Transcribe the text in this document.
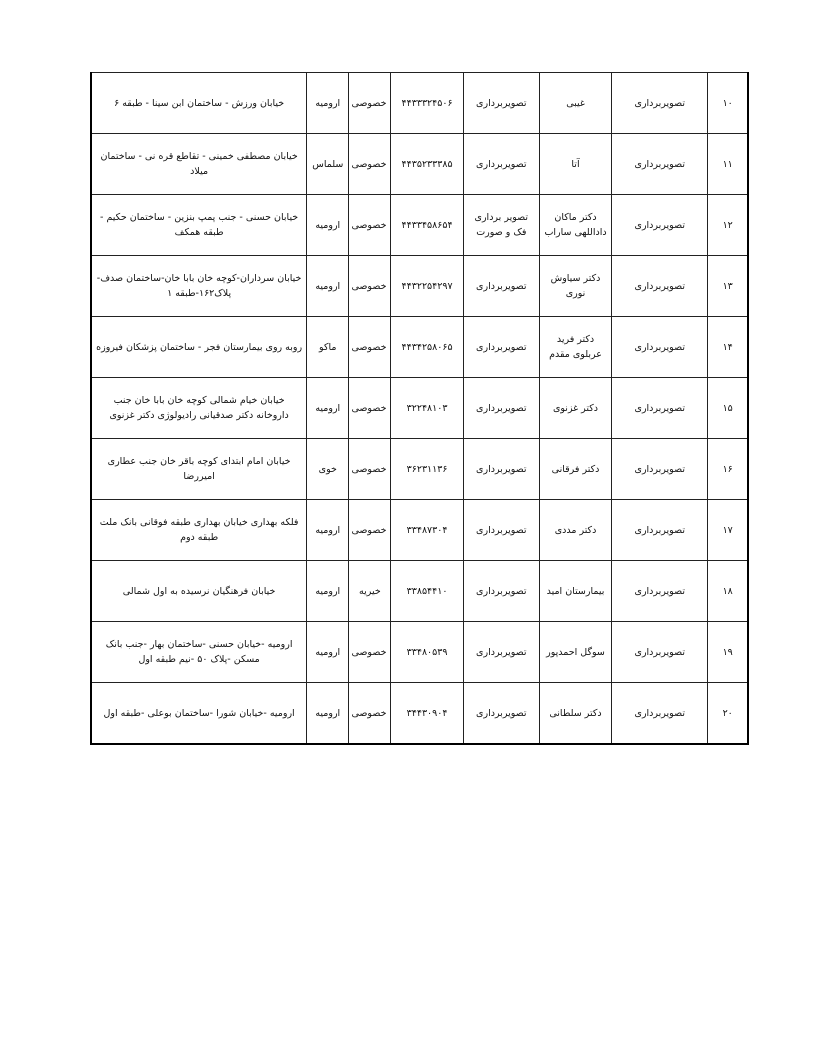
۱۰	تصویربرداری	غیبی	تصویربرداری	۴۴۳۳۳۲۴۵۰۶	خصوصی	ارومیه	خیابان ورزش - ساختمان ابن سینا - طبقه ۶
۱۱	تصویربرداری	آتا	تصویربرداری	۴۴۳۵۲۳۳۳۸۵	خصوصی	سلماس	خیابان مصطفی خمینی - تقاطع قره نی - ساختمان میلاد
۱۲	تصویربرداری	دکتر ماکان داداللهی ساراب	تصویر برداری فک و صورت	۴۴۳۳۴۵۸۶۵۴	خصوصی	ارومیه	خیابان حسنی - جنب پمپ بنزین - ساختمان حکیم - طبقه همکف
۱۳	تصویربرداری	دکتر سیاوش نوری	تصویربرداری	۴۴۳۲۲۵۴۲۹۷	خصوصی	ارومیه	خیابان سرداران-کوچه خان بابا خان-ساختمان صدف-پلاک۱۶۲-طبقه ۱
۱۴	تصویربرداری	دکتر فرید عربلوی مقدم	تصویربرداری	۴۴۳۴۲۵۸۰۶۵	خصوصی	ماکو	روبه روی بیمارستان فجر - ساختمان پزشکان فیروزه
۱۵	تصویربرداری	دکتر غزنوی	تصویربرداری	۳۲۲۴۸۱۰۳	خصوصی	ارومیه	خیابان خیام شمالی کوچه خان بابا خان جنب داروخانه دکتر صدقیانی رادیولوژی دکتر غزنوی
۱۶	تصویربرداری	دکتر فرقانی	تصویربرداری	۳۶۲۳۱۱۳۶	خصوصی	خوی	خیابان امام ابتدای کوچه باقر خان جنب عطاری امیررضا
۱۷	تصویربرداری	دکتر مددی	تصویربرداری	۳۳۴۸۷۳۰۴	خصوصی	ارومیه	فلکه بهداری خیابان بهداری طبقه فوقانی بانک ملت طبقه دوم
۱۸	تصویربرداری	بیمارستان امید	تصویربرداری	۳۳۸۵۴۴۱۰	خیریه	ارومیه	خیابان فرهنگیان نرسیده به اول شمالی
۱۹	تصویربرداری	سوگل احمدپور	تصویربرداری	۳۳۴۸۰۵۳۹	خصوصی	ارومیه	ارومیه -خیابان حسنی -ساختمان بهار -جنب بانک مسکن -پلاک ۵۰ -نیم طبقه اول
۲۰	تصویربرداری	دکتر سلطانی	تصویربرداری	۳۴۴۳۰۹۰۴	خصوصی	ارومیه	ارومیه -خیابان شورا -ساختمان بوعلی -طبقه اول
